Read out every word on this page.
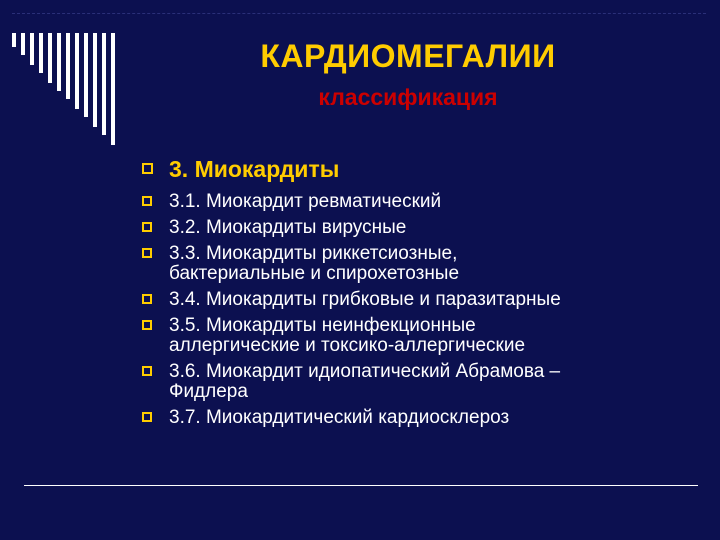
КАРДИОМЕГАЛИИ
классификация
3. Миокардиты
3.1. Миокардит ревматический
3.2. Миокардиты вирусные
3.3. Миокардиты риккетсиозные,
бактериальные и спирохетозные
3.4. Миокардиты грибковые и паразитарные
3.5. Миокардиты неинфекционные
аллергические и токсико-аллергические
3.6. Миокардит идиопатический Абрамова –
Фидлера
3.7. Миокардитический кардиосклероз
